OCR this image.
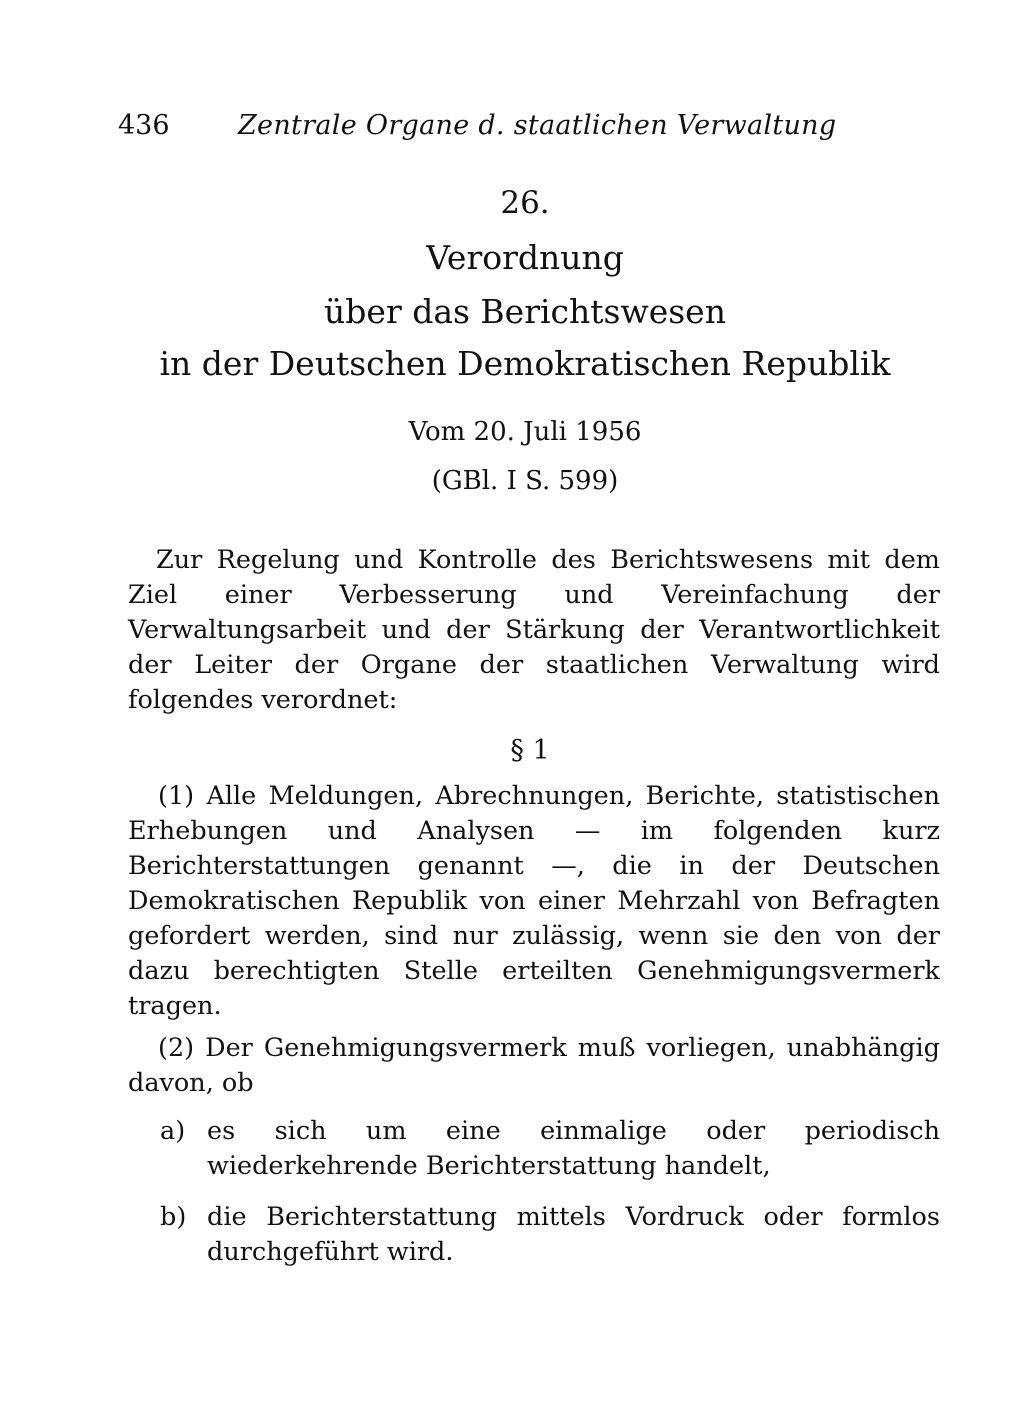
436	Zentrale Organe d. staatlichen Verwaltung
26.
Verordnung
über das Berichtswesen
in der Deutschen Demokratischen Republik
Vom 20. Juli 1956
(GBl. I S. 599)

Zur Regelung und Kontrolle des Berichtswesens mit dem Ziel einer Verbesserung und Vereinfachung der Verwaltungsarbeit und der Stärkung der Verantwortlichkeit der Leiter der Organe der staatlichen Verwaltung wird folgendes verordnet:

§ 1

(1) Alle Meldungen, Abrechnungen, Berichte, statistischen Erhebungen und Analysen — im folgenden kurz Berichterstattungen genannt —, die in der Deutschen Demokratischen Republik von einer Mehrzahl von Befragten gefordert werden, sind nur zulässig, wenn sie den von der dazu berechtigten Stelle erteilten Genehmigungsvermerk tragen.

(2) Der Genehmigungsvermerk muß vorliegen, unabhängig davon, ob

a) es sich um eine einmalige oder periodisch wiederkehrende Berichterstattung handelt,
b) die Berichterstattung mittels Vordruck oder formlos durchgeführt wird.
